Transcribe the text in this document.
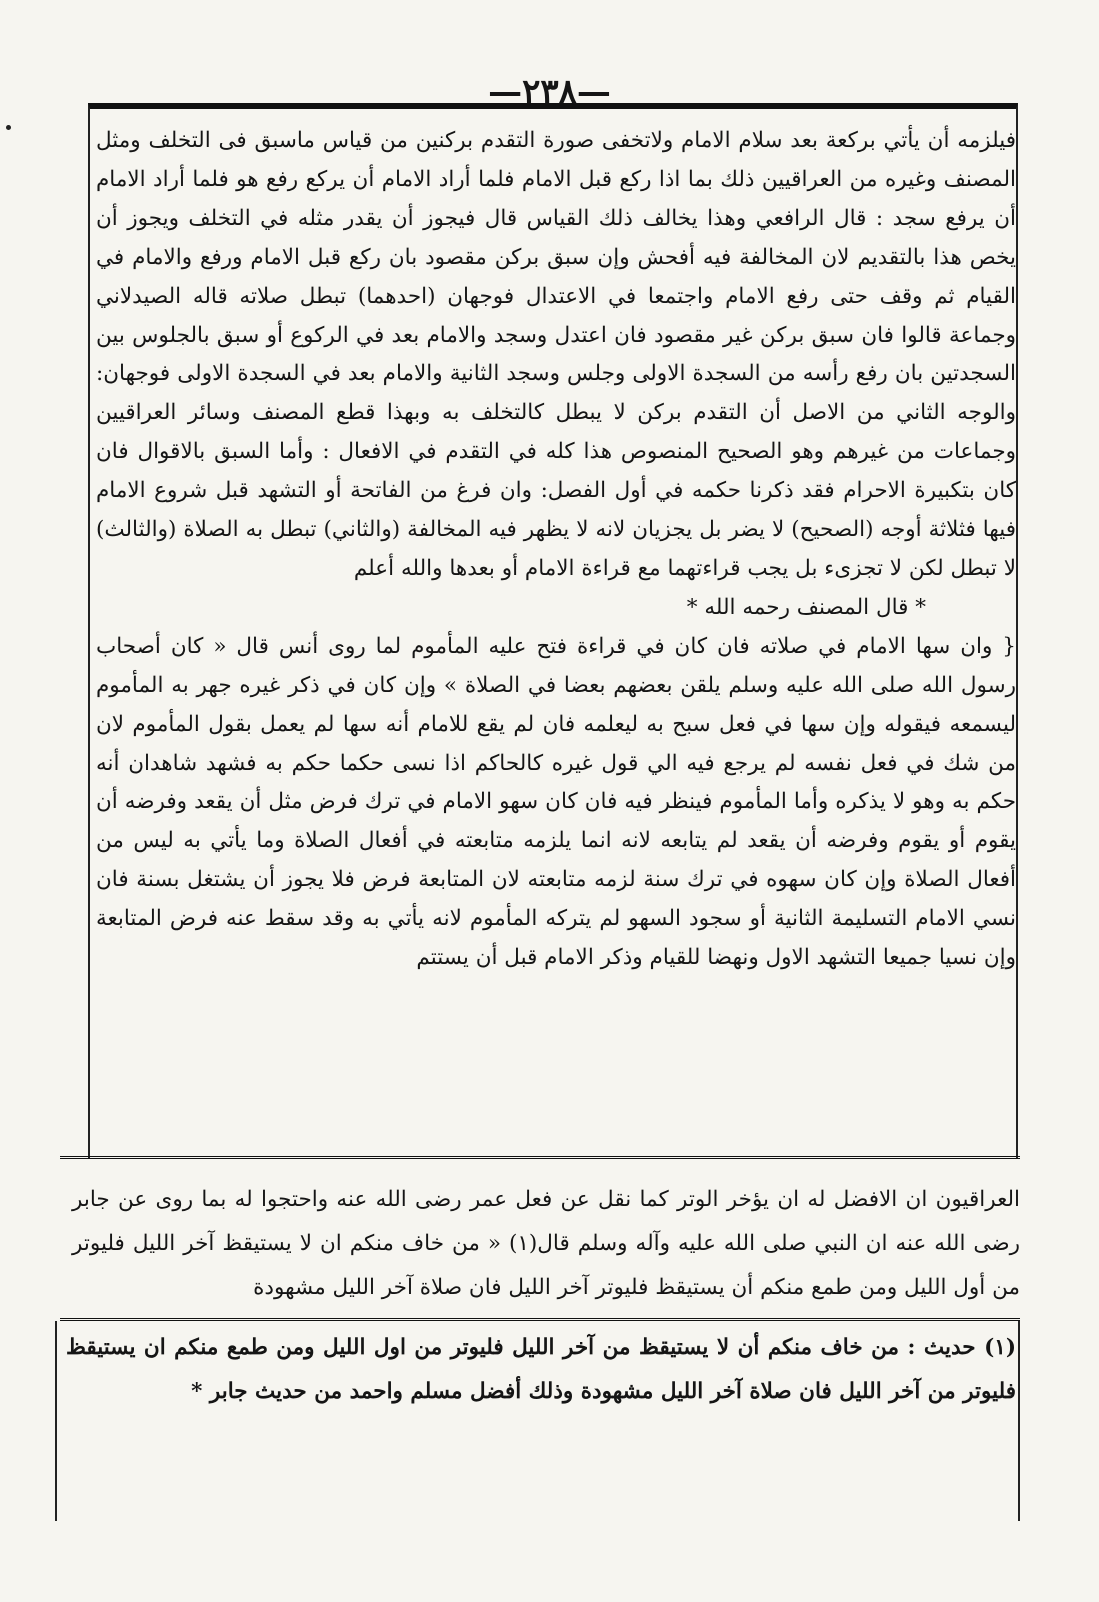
—٢٣٨—

فيلزمه أن يأتي بركعة بعد سلام الامام ولاتخفى صورة التقدم بركنين من قياس ماسبق فى التخلف ومثل المصنف وغيره من العراقيين ذلك بما اذا ركع قبل الامام فلما أراد الامام أن يركع رفع هو فلما أراد الامام أن يرفع سجد : قال الرافعي وهذا يخالف ذلك القياس قال فيجوز أن يقدر مثله في التخلف ويجوز أن يخص هذا بالتقديم لان المخالفة فيه أفحش وإن سبق بركن مقصود بان ركع قبل الامام ورفع والامام في القيام ثم وقف حتى رفع الامام واجتمعا في الاعتدال فوجهان (احدهما) تبطل صلاته قاله الصيدلاني وجماعة قالوا فان سبق بركن غير مقصود فان اعتدل وسجد والامام بعد في الركوع أو سبق بالجلوس بين السجدتين بان رفع رأسه من السجدة الاولى وجلس وسجد الثانية والامام بعد في السجدة الاولى فوجهان: والوجه الثاني من الاصل أن التقدم بركن لا يبطل كالتخلف به وبهذا قطع المصنف وسائر العراقيين وجماعات من غيرهم وهو الصحيح المنصوص هذا كله في التقدم في الافعال : وأما السبق بالاقوال فان كان بتكبيرة الاحرام فقد ذكرنا حكمه في أول الفصل: وان فرغ من الفاتحة أو التشهد قبل شروع الامام فيها فثلاثة أوجه (الصحيح) لا يضر بل يجزيان لانه لا يظهر فيه المخالفة (والثاني) تبطل به الصلاة (والثالث) لا تبطل لكن لا تجزىء بل يجب قراءتهما مع قراءة الامام أو بعدها والله أعلم

* قال المصنف رحمه الله *

{ وان سها الامام في صلاته فان كان في قراءة فتح عليه المأموم لما روى أنس قال « كان أصحاب رسول الله صلى الله عليه وسلم يلقن بعضهم بعضا في الصلاة » وإن كان في ذكر غيره جهر به المأموم ليسمعه فيقوله وإن سها في فعل سبح به ليعلمه فان لم يقع للامام أنه سها لم يعمل بقول المأموم لان من شك في فعل نفسه لم يرجع فيه الي قول غيره كالحاكم اذا نسى حكما حكم به فشهد شاهدان أنه حكم به وهو لا يذكره وأما المأموم فينظر فيه فان كان سهو الامام في ترك فرض مثل أن يقعد وفرضه أن يقوم أو يقوم وفرضه أن يقعد لم يتابعه لانه انما يلزمه متابعته في أفعال الصلاة وما يأتي به ليس من أفعال الصلاة وإن كان سهوه في ترك سنة لزمه متابعته لان المتابعة فرض فلا يجوز أن يشتغل بسنة فان نسي الامام التسليمة الثانية أو سجود السهو لم يتركه المأموم لانه يأتي به وقد سقط عنه فرض المتابعة وإن نسيا جميعا التشهد الاول ونهضا للقيام وذكر الامام قبل أن يستتم

العراقيون ان الافضل له ان يؤخر الوتر كما نقل عن فعل عمر رضى الله عنه واحتجوا له بما روى عن جابر رضى الله عنه ان النبي صلى الله عليه وآله وسلم قال(١) « من خاف منكم ان لا يستيقظ آخر الليل فليوتر من أول الليل ومن طمع منكم أن يستيقظ فليوتر آخر الليل فان صلاة آخر الليل مشهودة

(١) حديث : من خاف منكم أن لا يستيقظ من آخر الليل فليوتر من اول الليل ومن طمع منكم ان يستيقظ فليوتر من آخر الليل فان صلاة آخر الليل مشهودة وذلك أفضل مسلم واحمد من حديث جابر *
